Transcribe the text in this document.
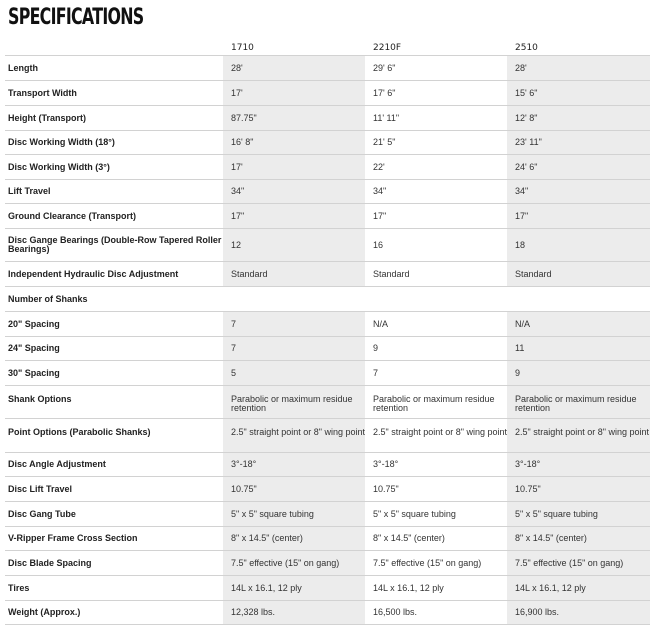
SPECIFICATIONS
	1710	2210F	2510
Length	28'	29' 6"	28'
Transport Width	17'	17' 6"	15' 6"
Height (Transport)	87.75"	11' 11"	12' 8"
Disc Working Width (18°)	16' 8"	21' 5"	23' 11"
Disc Working Width (3°)	17'	22'	24' 6"
Lift Travel	34"	34"	34"
Ground Clearance (Transport)	17"	17"	17"
Disc Gange Bearings (Double-Row Tapered Roller Bearings)	12	16	18
Independent Hydraulic Disc Adjustment	Standard	Standard	Standard
Number of Shanks			
20" Spacing	7	N/A	N/A
24" Spacing	7	9	11
30" Spacing	5	7	9
Shank Options	Parabolic or maximum residue retention	Parabolic or maximum residue retention	Parabolic or maximum residue retention
Point Options (Parabolic Shanks)	2.5" straight point or 8" wing point	2.5" straight point or 8" wing point	2.5" straight point or 8" wing point
Disc Angle Adjustment	3°-18°	3°-18°	3°-18°
Disc Lift Travel	10.75"	10.75"	10.75"
Disc Gang Tube	5" x 5" square tubing	5" x 5" square tubing	5" x 5" square tubing
V-Ripper Frame Cross Section	8" x 14.5" (center)	8" x 14.5" (center)	8" x 14.5" (center)
Disc Blade Spacing	7.5" effective (15" on gang)	7.5" effective (15" on gang)	7.5" effective (15" on gang)
Tires	14L x 16.1, 12 ply	14L x 16.1, 12 ply	14L x 16.1, 12 ply
Weight (Approx.)	12,328 lbs.	16,500 lbs.	16,900 lbs.
